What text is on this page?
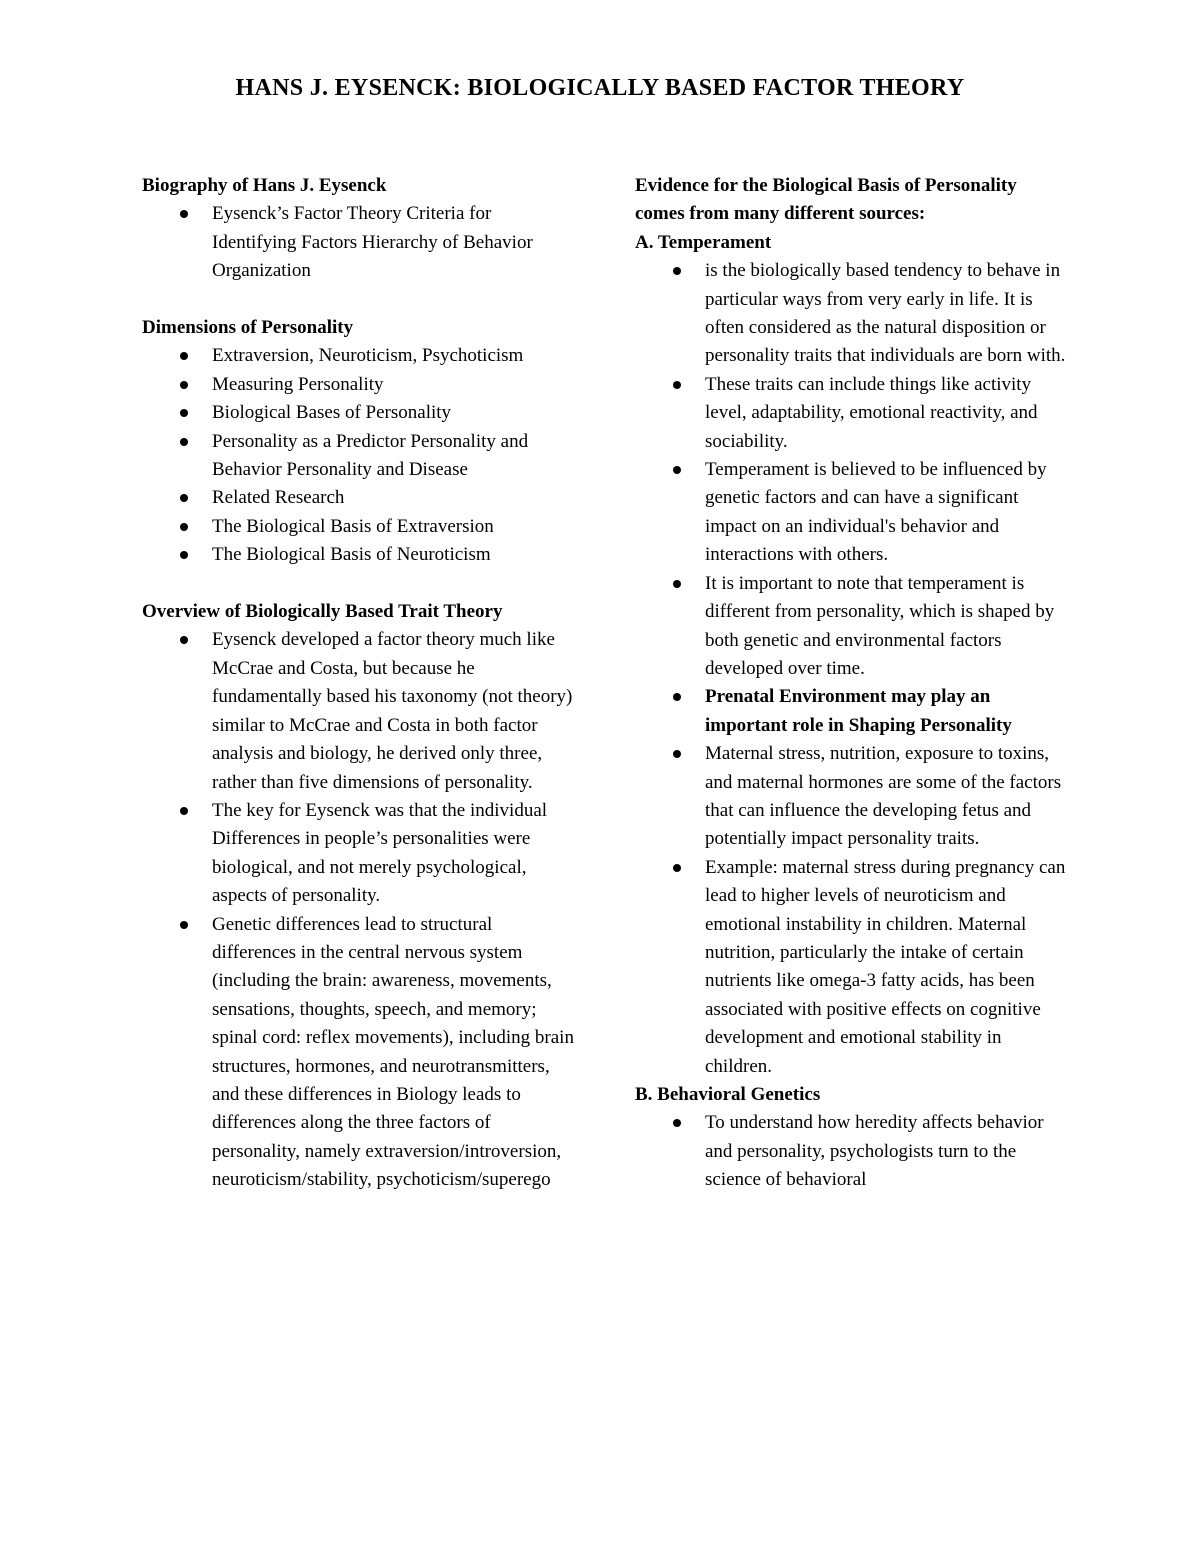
HANS J. EYSENCK: BIOLOGICALLY BASED FACTOR THEORY

Biography of Hans J. Eysenck

Eysenck’s Factor Theory Criteria for Identifying Factors Hierarchy of Behavior Organization

Dimensions of Personality

Extraversion, Neuroticism, Psychoticism
Measuring Personality
Biological Bases of Personality
Personality as a Predictor Personality and Behavior Personality and Disease
Related Research
The Biological Basis of Extraversion
The Biological Basis of Neuroticism

Overview of Biologically Based Trait Theory

Eysenck developed a factor theory much like McCrae and Costa, but because he fundamentally based his taxonomy (not theory) similar to McCrae and Costa in both factor analysis and biology, he derived only three, rather than five dimensions of personality.
The key for Eysenck was that the individual Differences in people’s personalities were biological, and not merely psychological, aspects of personality.
Genetic differences lead to structural differences in the central nervous system (including the brain: awareness, movements, sensations, thoughts, speech, and memory; spinal cord: reflex movements), including brain structures, hormones, and neurotransmitters, and these differences in Biology leads to differences along the three factors of personality, namely extraversion/introversion, neuroticism/stability, psychoticism/superego

Evidence for the Biological Basis of Personality comes from many different sources:

A. Temperament

is the biologically based tendency to behave in particular ways from very early in life. It is often considered as the natural disposition or personality traits that individuals are born with.
These traits can include things like activity level, adaptability, emotional reactivity, and sociability.
Temperament is believed to be influenced by genetic factors and can have a significant impact on an individual's behavior and interactions with others.
It is important to note that temperament is different from personality, which is shaped by both genetic and environmental factors developed over time.
Prenatal Environment may play an important role in Shaping Personality
Maternal stress, nutrition, exposure to toxins, and maternal hormones are some of the factors that can influence the developing fetus and potentially impact personality traits.
Example: maternal stress during pregnancy can lead to higher levels of neuroticism and emotional instability in children. Maternal nutrition, particularly the intake of certain nutrients like omega-3 fatty acids, has been associated with positive effects on cognitive development and emotional stability in children.

B. Behavioral Genetics

To understand how heredity affects behavior and personality, psychologists turn to the science of behavioral
